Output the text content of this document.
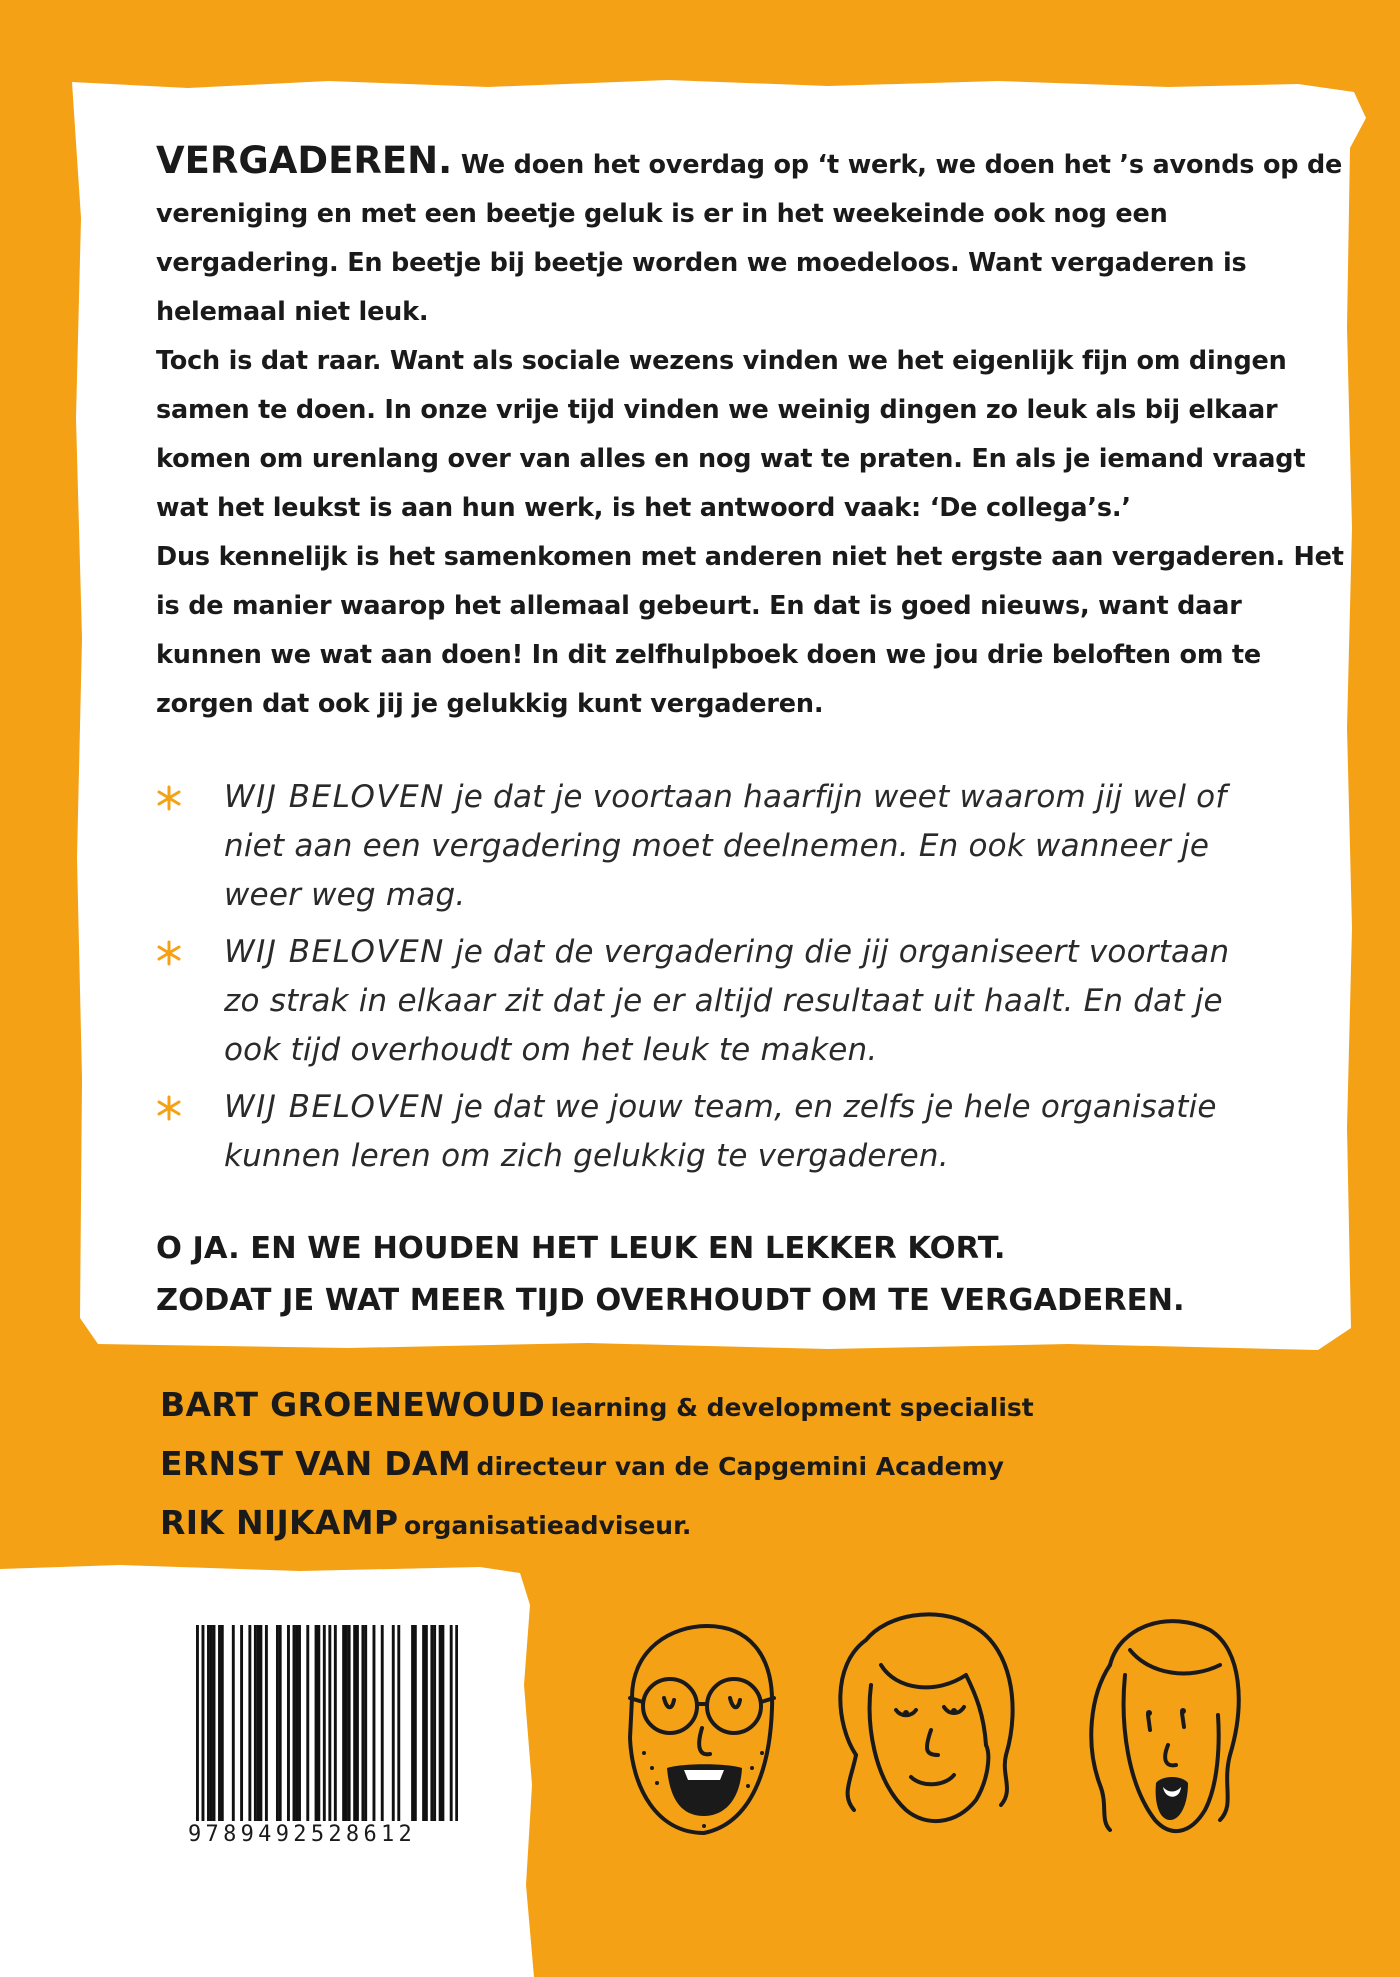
VERGADEREN. We doen het overdag op ‘t werk, we doen het ’s avonds op de vereniging en met een beetje geluk is er in het weekeinde ook nog een vergadering. En beetje bij beetje worden we moedeloos. Want vergaderen is helemaal niet leuk.
Toch is dat raar. Want als sociale wezens vinden we het eigenlijk fijn om dingen samen te doen. In onze vrije tijd vinden we weinig dingen zo leuk als bij elkaar komen om urenlang over van alles en nog wat te praten. En als je iemand vraagt wat het leukst is aan hun werk, is het antwoord vaak: ‘De collega’s.’
Dus kennelijk is het samenkomen met anderen niet het ergste aan vergaderen. Het is de manier waarop het allemaal gebeurt. En dat is goed nieuws, want daar kunnen we wat aan doen! In dit zelfhulpboek doen we jou drie beloften om te zorgen dat ook jij je gelukkig kunt vergaderen.

WIJ BELOVEN je dat je voortaan haarfijn weet waarom jij wel of niet aan een vergadering moet deelnemen. En ook wanneer je weer weg mag.
WIJ BELOVEN je dat de vergadering die jij organiseert voortaan zo strak in elkaar zit dat je er altijd resultaat uit haalt. En dat je ook tijd overhoudt om het leuk te maken.
WIJ BELOVEN je dat we jouw team, en zelfs je hele organisatie kunnen leren om zich gelukkig te vergaderen.
O JA. EN WE HOUDEN HET LEUK EN LEKKER KORT.
ZODAT JE WAT MEER TIJD OVERHOUDT OM TE VERGADEREN.
BART GROENEWOUD learning & development specialist
ERNST VAN DAM directeur van de Capgemini Academy
RIK NIJKAMP organisatieadviseur.
9789492528612
